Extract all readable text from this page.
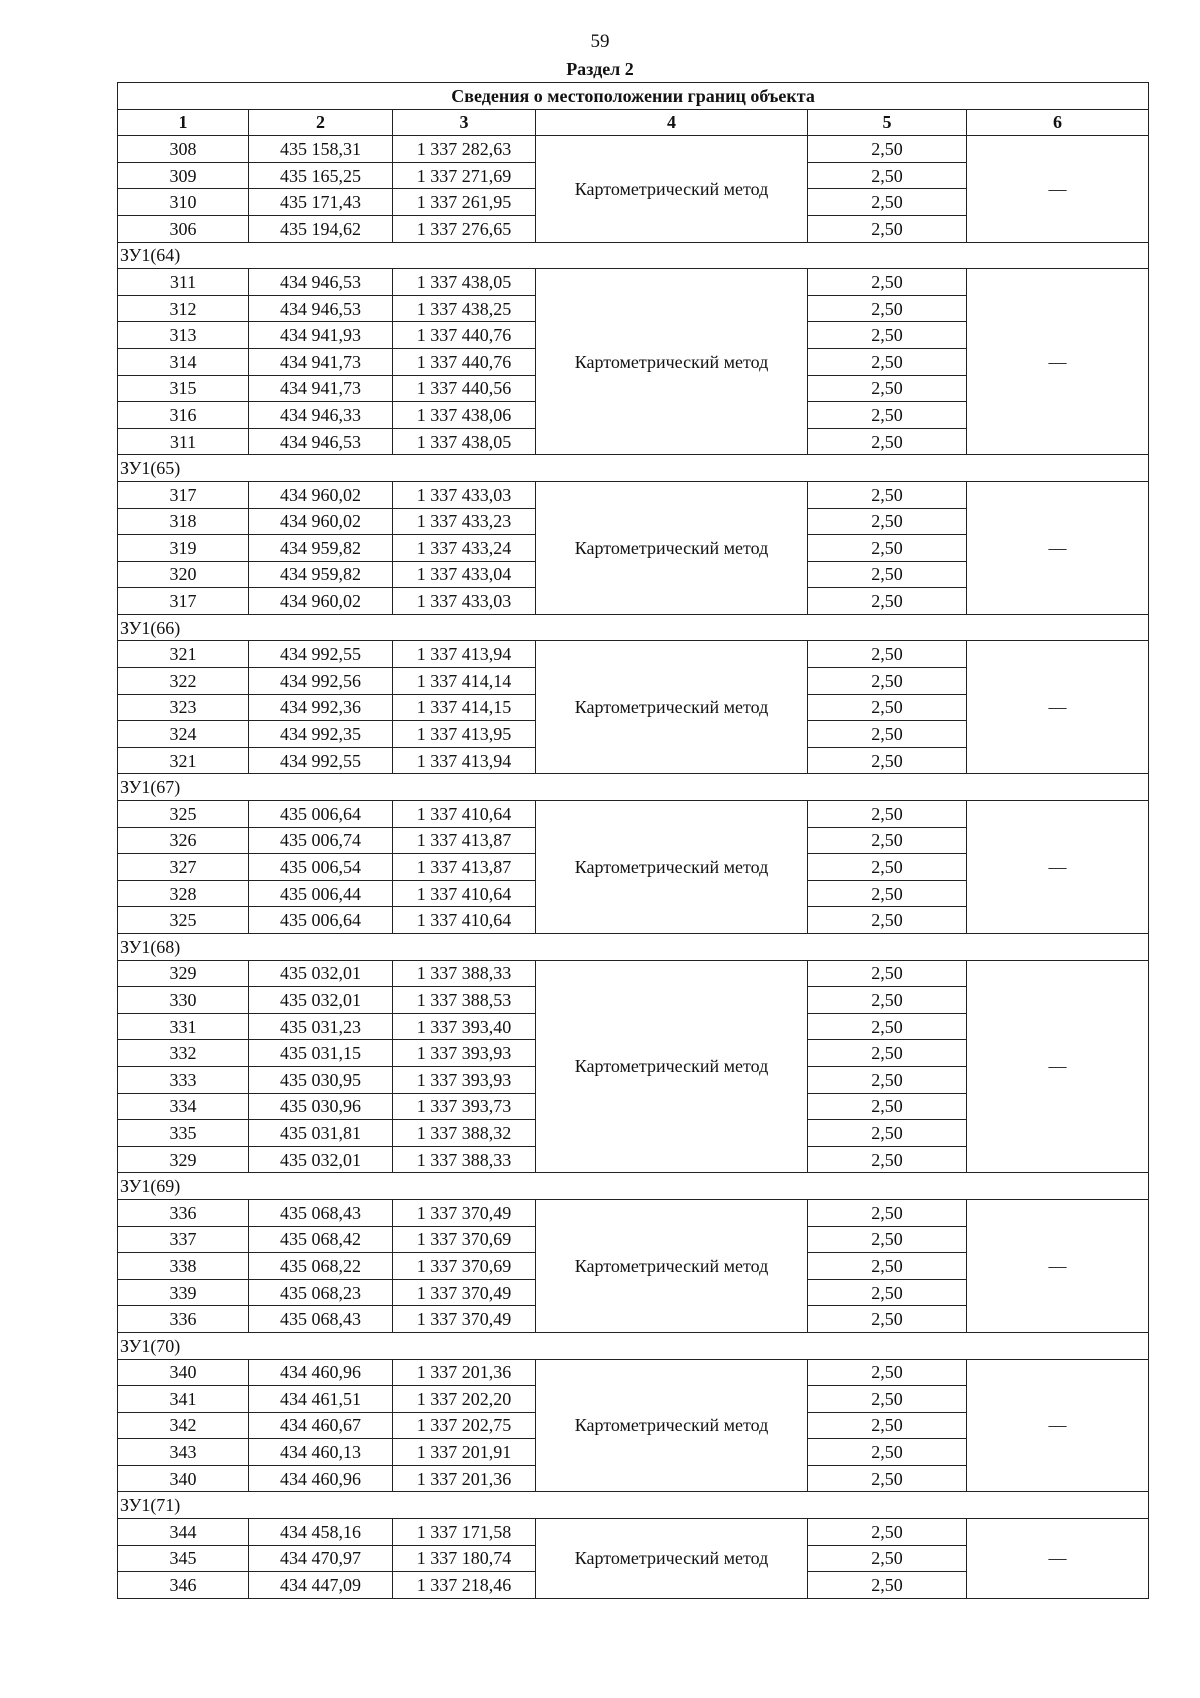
59
Раздел 2
Сведения о местоположении границ объекта					
1	2	3	4	5	6
308	435 158,31	1 337 282,63	Картометрический метод	2,50	—
309	435 165,25	1 337 271,69		2,50	
310	435 171,43	1 337 261,95		2,50	
306	435 194,62	1 337 276,65		2,50	
ЗУ1(64)					
311	434 946,53	1 337 438,05	Картометрический метод	2,50	—
312	434 946,53	1 337 438,25		2,50	
313	434 941,93	1 337 440,76		2,50	
314	434 941,73	1 337 440,76		2,50	
315	434 941,73	1 337 440,56		2,50	
316	434 946,33	1 337 438,06		2,50	
311	434 946,53	1 337 438,05		2,50	
ЗУ1(65)					
317	434 960,02	1 337 433,03	Картометрический метод	2,50	—
318	434 960,02	1 337 433,23		2,50	
319	434 959,82	1 337 433,24		2,50	
320	434 959,82	1 337 433,04		2,50	
317	434 960,02	1 337 433,03		2,50	
ЗУ1(66)					
321	434 992,55	1 337 413,94	Картометрический метод	2,50	—
322	434 992,56	1 337 414,14		2,50	
323	434 992,36	1 337 414,15		2,50	
324	434 992,35	1 337 413,95		2,50	
321	434 992,55	1 337 413,94		2,50	
ЗУ1(67)					
325	435 006,64	1 337 410,64	Картометрический метод	2,50	—
326	435 006,74	1 337 413,87		2,50	
327	435 006,54	1 337 413,87		2,50	
328	435 006,44	1 337 410,64		2,50	
325	435 006,64	1 337 410,64		2,50	
ЗУ1(68)					
329	435 032,01	1 337 388,33	Картометрический метод	2,50	—
330	435 032,01	1 337 388,53		2,50	
331	435 031,23	1 337 393,40		2,50	
332	435 031,15	1 337 393,93		2,50	
333	435 030,95	1 337 393,93		2,50	
334	435 030,96	1 337 393,73		2,50	
335	435 031,81	1 337 388,32		2,50	
329	435 032,01	1 337 388,33		2,50	
ЗУ1(69)					
336	435 068,43	1 337 370,49	Картометрический метод	2,50	—
337	435 068,42	1 337 370,69		2,50	
338	435 068,22	1 337 370,69		2,50	
339	435 068,23	1 337 370,49		2,50	
336	435 068,43	1 337 370,49		2,50	
ЗУ1(70)					
340	434 460,96	1 337 201,36	Картометрический метод	2,50	—
341	434 461,51	1 337 202,20		2,50	
342	434 460,67	1 337 202,75		2,50	
343	434 460,13	1 337 201,91		2,50	
340	434 460,96	1 337 201,36		2,50	
ЗУ1(71)					
344	434 458,16	1 337 171,58	Картометрический метод	2,50	—
345	434 470,97	1 337 180,74		2,50	
346	434 447,09	1 337 218,46		2,50	
